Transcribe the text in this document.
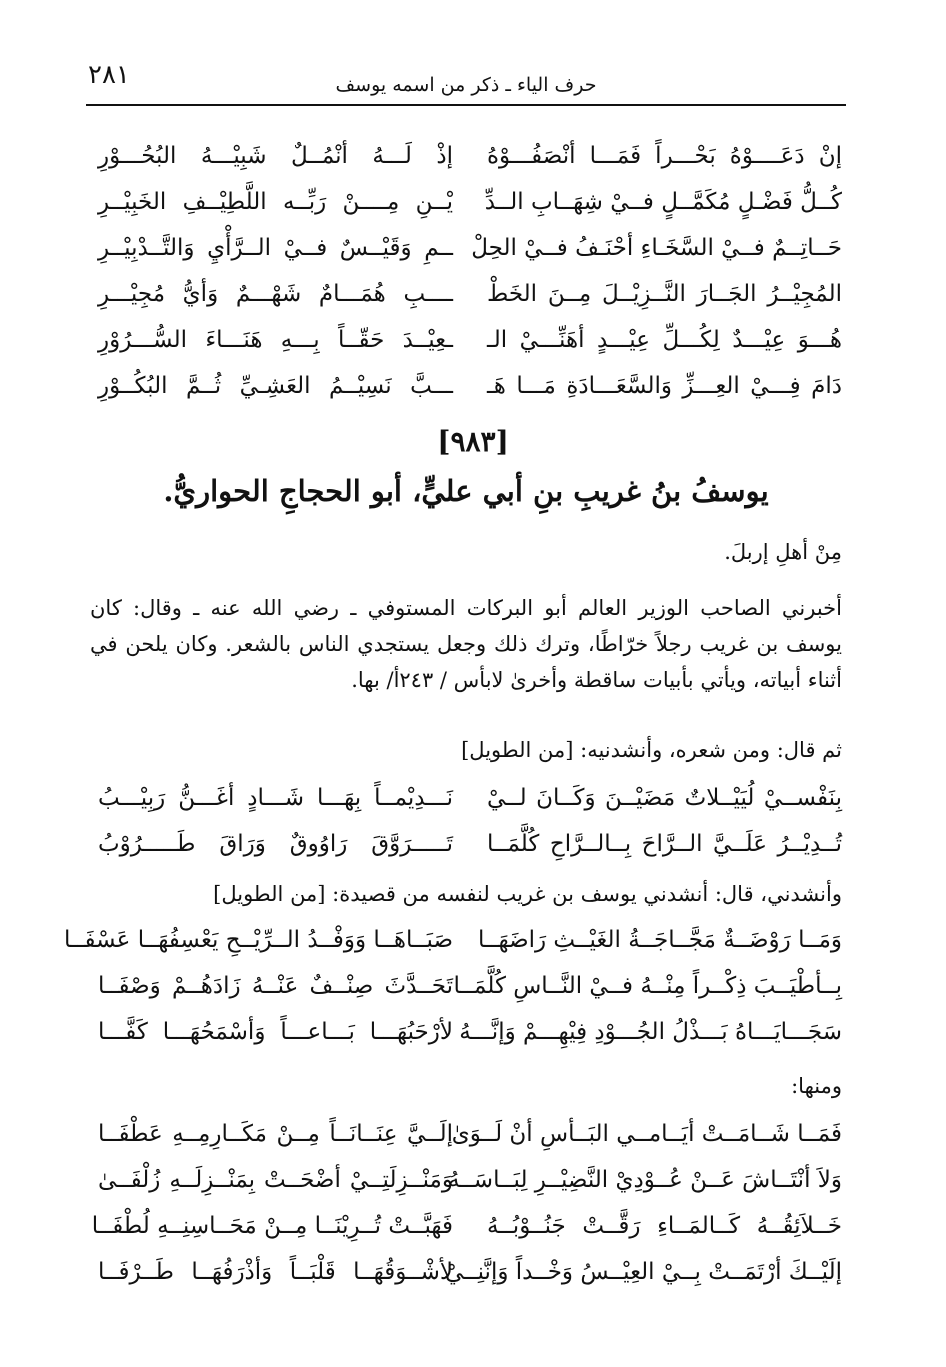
٢٨١	حرف الياء ـ ذكر من اسمه يوسف
إنْ دَعَــــوْهُ بَحْـــراً فَمَـــا أنْصَفُـــوْهُ
إذْ لَـــهُ أنْمُــلٌ شَبِيْـــهُ البُحُـــوْرِ
كُــلُّ فَضْـلٍ مُكَمَّــلٍ فــيْ شِهَــابِ الــدِّ
يْــنِ مِــــنْ رَبِّــه اللَّطِيْــفِ الخَبِيْــرِ
حَــاتِــمٌ فــيْ السَّخَـاءِ أحْنَـفُ فــيْ الحِلْ
ــمِ وَقَيْــسٌ فــيْ الــرَّأْيِ وَالتَّــدْبِيْــرِ
المُجِيْــرُ الجَــارَ النَّــزِيْــلَ مِــنَ الخَطْ
ــــبِ هُمَـــامٌ شَهْـــمٌ وَأيُّ مُجِيْـــرِ
هُـــوَ عِيْـــدٌ لِكُـــلِّ عِيْـــدٍ أهَنِّـــيْ الـ
ـعِيْــدَ حَقّــاً بِـــهِ هَنَـــاءَ السُّـــرُوْرِ
دَامَ فِـــيْ العِـــزِّ وَالسَّعَـــادَةِ مَـــا هَـ
ـــبَّ نَسِيْــمُ العَشِـيِّ ثُــمَّ البُكُــوْرِ
[٩٨٣]
يوسفُ بنُ غريبِ بنِ أبي عليٍّ، أبو الحجاجِ الحواريُّ.
مِنْ أهلِ إربلَ.
أخبرني الصاحب الوزير العالم أبو البركات المستوفي ـ رضي الله عنه ـ وقال: كان
يوسف بن غريب رجلاً خرّاطًا، وترك ذلك وجعل يستجدي الناس بالشعر. وكان يلحن في
أثناء أبياته، ويأتي بأبيات ساقطة وأخرىٰ لابأس / ٢٤٣أ/ بها.
ثم قال: ومن شعره، وأنشدنيه: [من الطويل]
بِنَفْســيْ لُيَيْــلاتٌ مَضَيْــنَ وَكَــانَ لــيْ
نَـــدِيْمــاً بِهَـــا شَـــادٍ أغَـــنُّ رَبِيْـــبُ
تُــدِيْــرُ عَلَــيَّ الــرَّاحَ بِــالــرَّاحِ كُلَّمَــا
تَـــــرَوَّقَ رَاوُوقٌ وَرَاقَ طَـــــرُوْبُ
وأنشدني، قال: أنشدني يوسف بن غريب لنفسه من قصيدة: [من الطويل]
وَمَــا رَوْضَــةٌ مَجَّــاجَــةُ الغَيْــثِ رَاضَهَــا
صَبَــاهَــا وَوَفْــدُ الــرِّيْــحِ يَعْسِفُهَــا عَسْفَــا
بِــأطْيَــبَ ذِكْــراً مِنْــهُ فــيْ النَّــاسِ كُلَّمَــا
تَحَــدَّثَ صِنْــفٌ عَنْــهُ زَادَهُــمْ وَصْفَــا
سَجَـــايَـــاهُ بَـــذْلُ الجُـــوْدِ فِيْهِـــمْ وَإنَّـــهُ
لأرْحَبُهَـــا بَـــاعـــاً وَأسْمَحُهَـــا كَفَّـــا
ومنها:
فَمَــا شَــامَــتْ أيَــامــي البَــأسِ أنْ لَــوَىٰ
إلَــيَّ عِنَــانَــاً مِــنْ مَكَــارِمِــهِ عَطْفَــا
وَلاَ أنْتَــاشَ عَــنْ عُــوْدِيْ النَّضِيْــرِ لِبَــاسَــهُ
وَمَنْــزِلَتِــيْ أضْحَــتْ بِمَنْــزِلَــهِ زُلْفَــىٰ
خَــلاَئِقُــهُ كَــالمَــاءِ رَقَّــتْ جَنُــوْبُــهُ
فَهَبَّــتْ تُــرِيْنَــا مِــنْ مَحَــاسِنِــهِ لُطْفَــا
إلَيْــكَ أرْتَمَــتْ بِــيْ العِيْــسُ وَخْــداً وَإنَّنِــيْ
لأشْــوَقُهَــا قَلْبَــاً وَأذْرَفُهَــا طَــرْفَــا
